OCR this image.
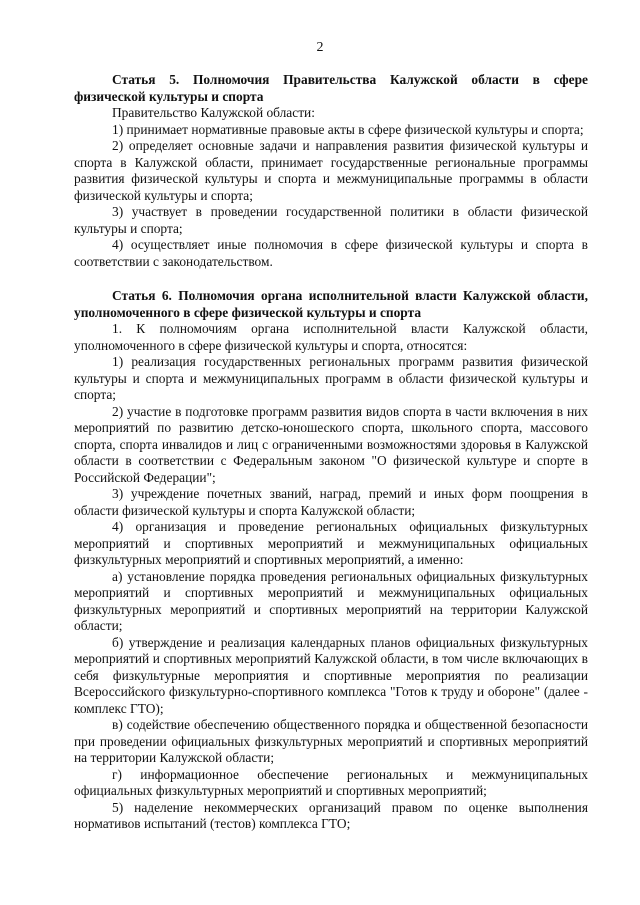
2

Статья 5. Полномочия Правительства Калужской области в сфере физической культуры и спорта

Правительство Калужской области:

1) принимает нормативные правовые акты в сфере физической культуры и спорта;

2) определяет основные задачи и направления развития физической культуры и спорта в Калужской области, принимает государственные региональные программы развития физической культуры и спорта и межмуниципальные программы в области физической культуры и спорта;

3) участвует в проведении государственной политики в области физической культуры и спорта;

4) осуществляет иные полномочия в сфере физической культуры и спорта в соответствии с законодательством.

Статья 6. Полномочия органа исполнительной власти Калужской области, уполномоченного в сфере физической культуры и спорта

1. К полномочиям органа исполнительной власти Калужской области, уполномоченного в сфере физической культуры и спорта, относятся:

1) реализация государственных региональных программ развития физической культуры и спорта и межмуниципальных программ в области физической культуры и спорта;

2) участие в подготовке программ развития видов спорта в части включения в них мероприятий по развитию детско-юношеского спорта, школьного спорта, массового спорта, спорта инвалидов и лиц с ограниченными возможностями здоровья в Калужской области в соответствии с Федеральным законом "О физической культуре и спорте в Российской Федерации";

3) учреждение почетных званий, наград, премий и иных форм поощрения в области физической культуры и спорта Калужской области;

4) организация и проведение региональных официальных физкультурных мероприятий и спортивных мероприятий и межмуниципальных официальных физкультурных мероприятий и спортивных мероприятий, а именно:

а) установление порядка проведения региональных официальных физкультурных мероприятий и спортивных мероприятий и межмуниципальных официальных физкультурных мероприятий и спортивных мероприятий на территории Калужской области;

б) утверждение и реализация календарных планов официальных физкультурных мероприятий и спортивных мероприятий Калужской области, в том числе включающих в себя физкультурные мероприятия и спортивные мероприятия по реализации Всероссийского физкультурно-спортивного комплекса "Готов к труду и обороне" (далее - комплекс ГТО);

в) содействие обеспечению общественного порядка и общественной безопасности при проведении официальных физкультурных мероприятий и спортивных мероприятий на территории Калужской области;

г) информационное обеспечение региональных и межмуниципальных официальных физкультурных мероприятий и спортивных мероприятий;

5) наделение некоммерческих организаций правом по оценке выполнения нормативов испытаний (тестов) комплекса ГТО;
